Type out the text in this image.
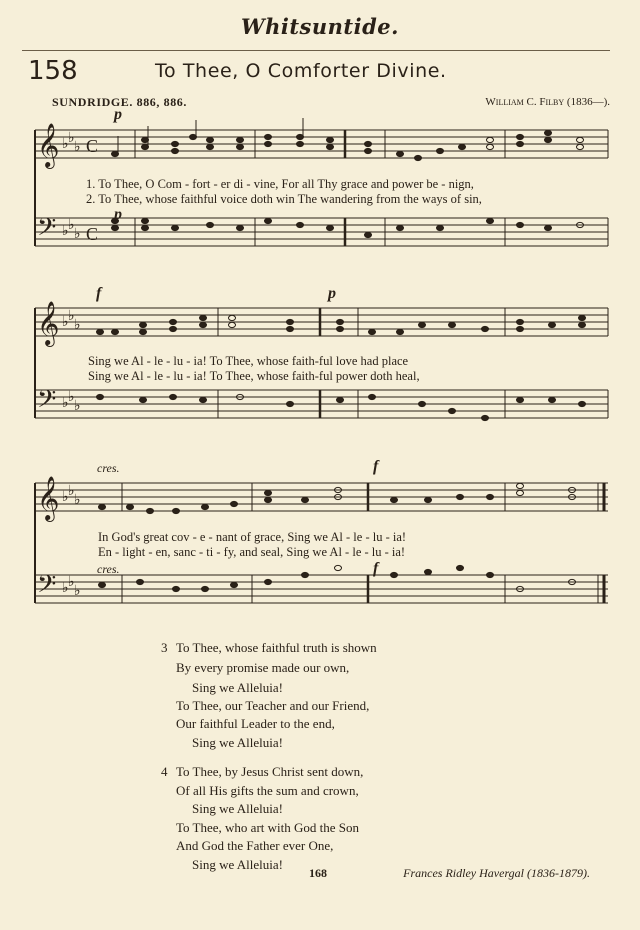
Whitsuntide.
158	To Thee, O Comforter Divine.
SUNDRIDGE. 886, 886.	William C. Filby (1836—).
𝄞
𝄢
♭ ♭
♭
♭ ♭
♭
C
C
p
p
1. To Thee, O Com - fort - er di - vine, For all Thy grace and power be - nign,
2. To Thee, whose faithful voice doth win The wandering from the ways of sin,
𝄞
𝄢
♭ ♭
♭
♭ ♭
♭
f	p
Sing we Al - le - lu - ia! To Thee, whose faith-ful love had place
Sing we Al - le - lu - ia! To Thee, whose faith-ful power doth heal,
𝄞
𝄢
♭ ♭
♭
♭ ♭
♭
cres.	f
cres.	f
In God's great cov - e - nant of grace, Sing we Al - le - lu - ia!
En - light - en, sanc - ti - fy, and seal, Sing we Al - le - lu - ia!
3 To Thee, whose faithful truth is shown
By every promise made our own,
Sing we Alleluia!
To Thee, our Teacher and our Friend,
Our faithful Leader to the end,
Sing we Alleluia!
4 To Thee, by Jesus Christ sent down,
Of all His gifts the sum and crown,
Sing we Alleluia!
To Thee, who art with God the Son
And God the Father ever One,
Sing we Alleluia!
168	Frances Ridley Havergal (1836-1879).
